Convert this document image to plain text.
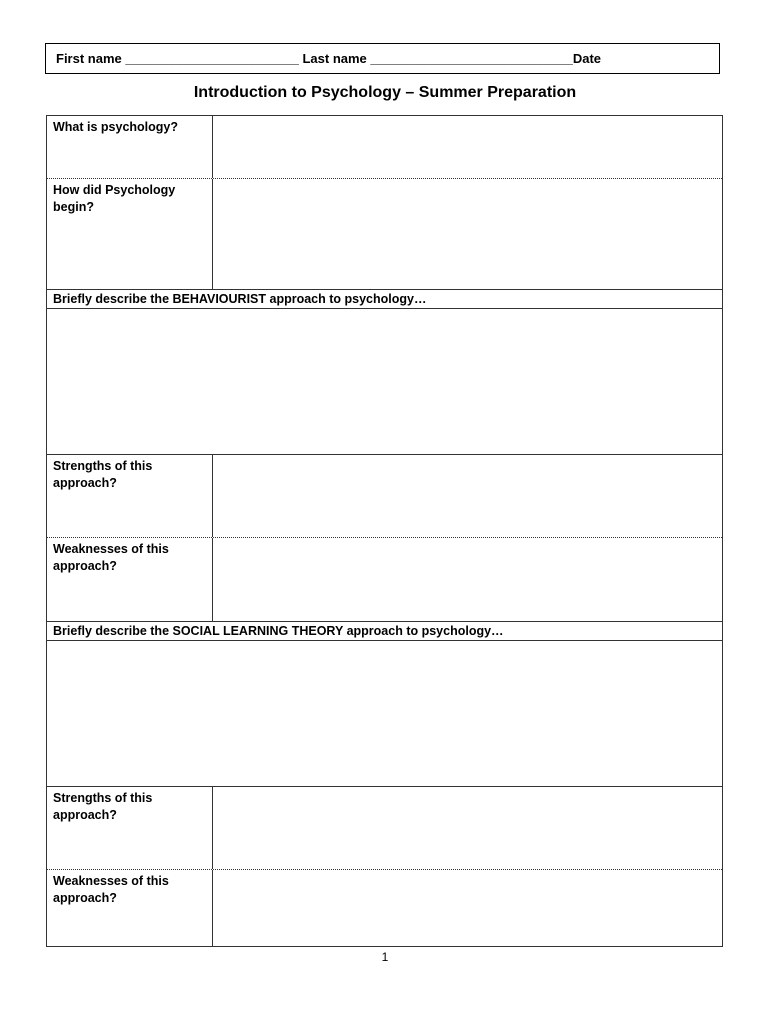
First name ________________________ Last name ____________________________Date
Introduction to Psychology – Summer Preparation
What is psychology?
How did Psychology begin?
Briefly describe the BEHAVIOURIST approach to psychology…
Strengths of this approach?
Weaknesses of this approach?
Briefly describe the SOCIAL LEARNING THEORY approach to psychology…
Strengths of this approach?
Weaknesses of this approach?
1
